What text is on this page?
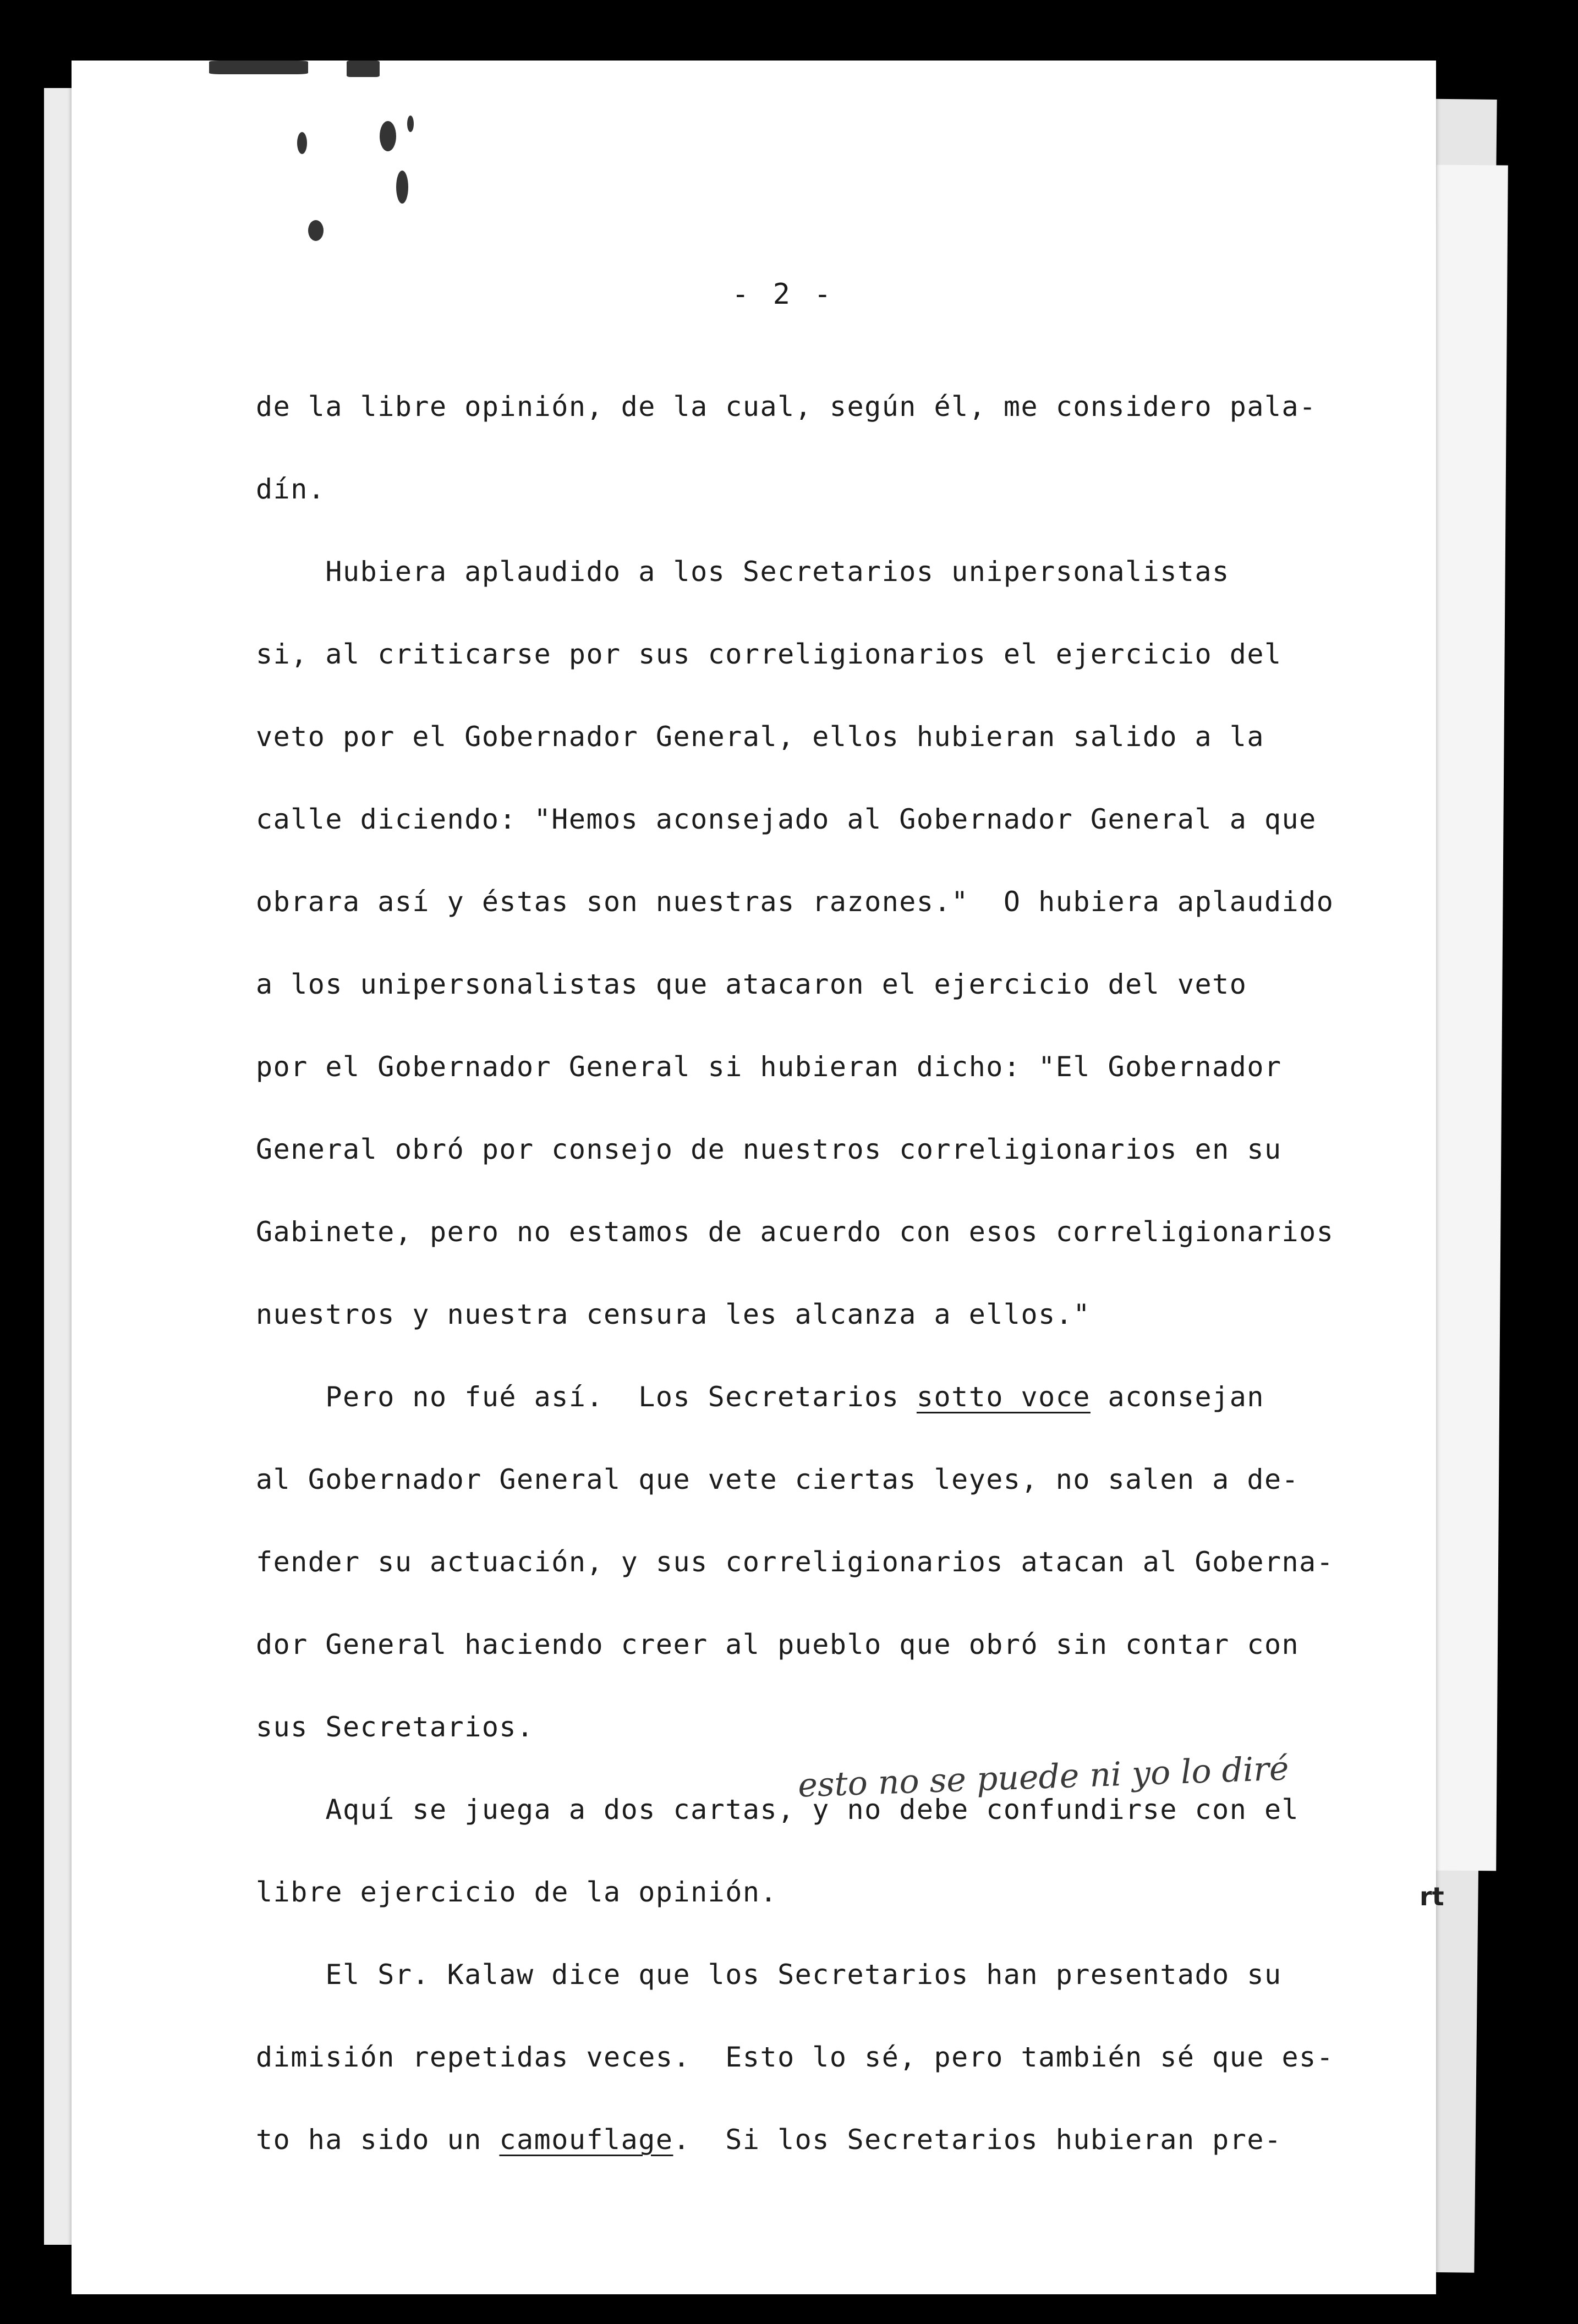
- 2 -
de la libre opinión, de la cual, según él, me considero pala-
dín.
Hubiera aplaudido a los Secretarios unipersonalistas
si, al criticarse por sus correligionarios el ejercicio del
veto por el Gobernador General, ellos hubieran salido a la
calle diciendo: "Hemos aconsejado al Gobernador General a que
obrara así y éstas son nuestras razones."  O hubiera aplaudido
a los unipersonalistas que atacaron el ejercicio del veto
por el Gobernador General si hubieran dicho: "El Gobernador
General obró por consejo de nuestros correligionarios en su
Gabinete, pero no estamos de acuerdo con esos correligionarios
nuestros y nuestra censura les alcanza a ellos."
Pero no fué así.  Los Secretarios sotto voce aconsejan
al Gobernador General que vete ciertas leyes, no salen a de-
fender su actuación, y sus correligionarios atacan al Goberna-
dor General haciendo creer al pueblo que obró sin contar con
sus Secretarios.
Aquí se juega a dos cartas, y no debe confundirse con el
libre ejercicio de la opinión.
El Sr. Kalaw dice que los Secretarios han presentado su
dimisión repetidas veces.  Esto lo sé, pero también sé que es-
to ha sido un camouflage.  Si los Secretarios hubieran pre-
esto no se puede ni yo lo diré
rt
